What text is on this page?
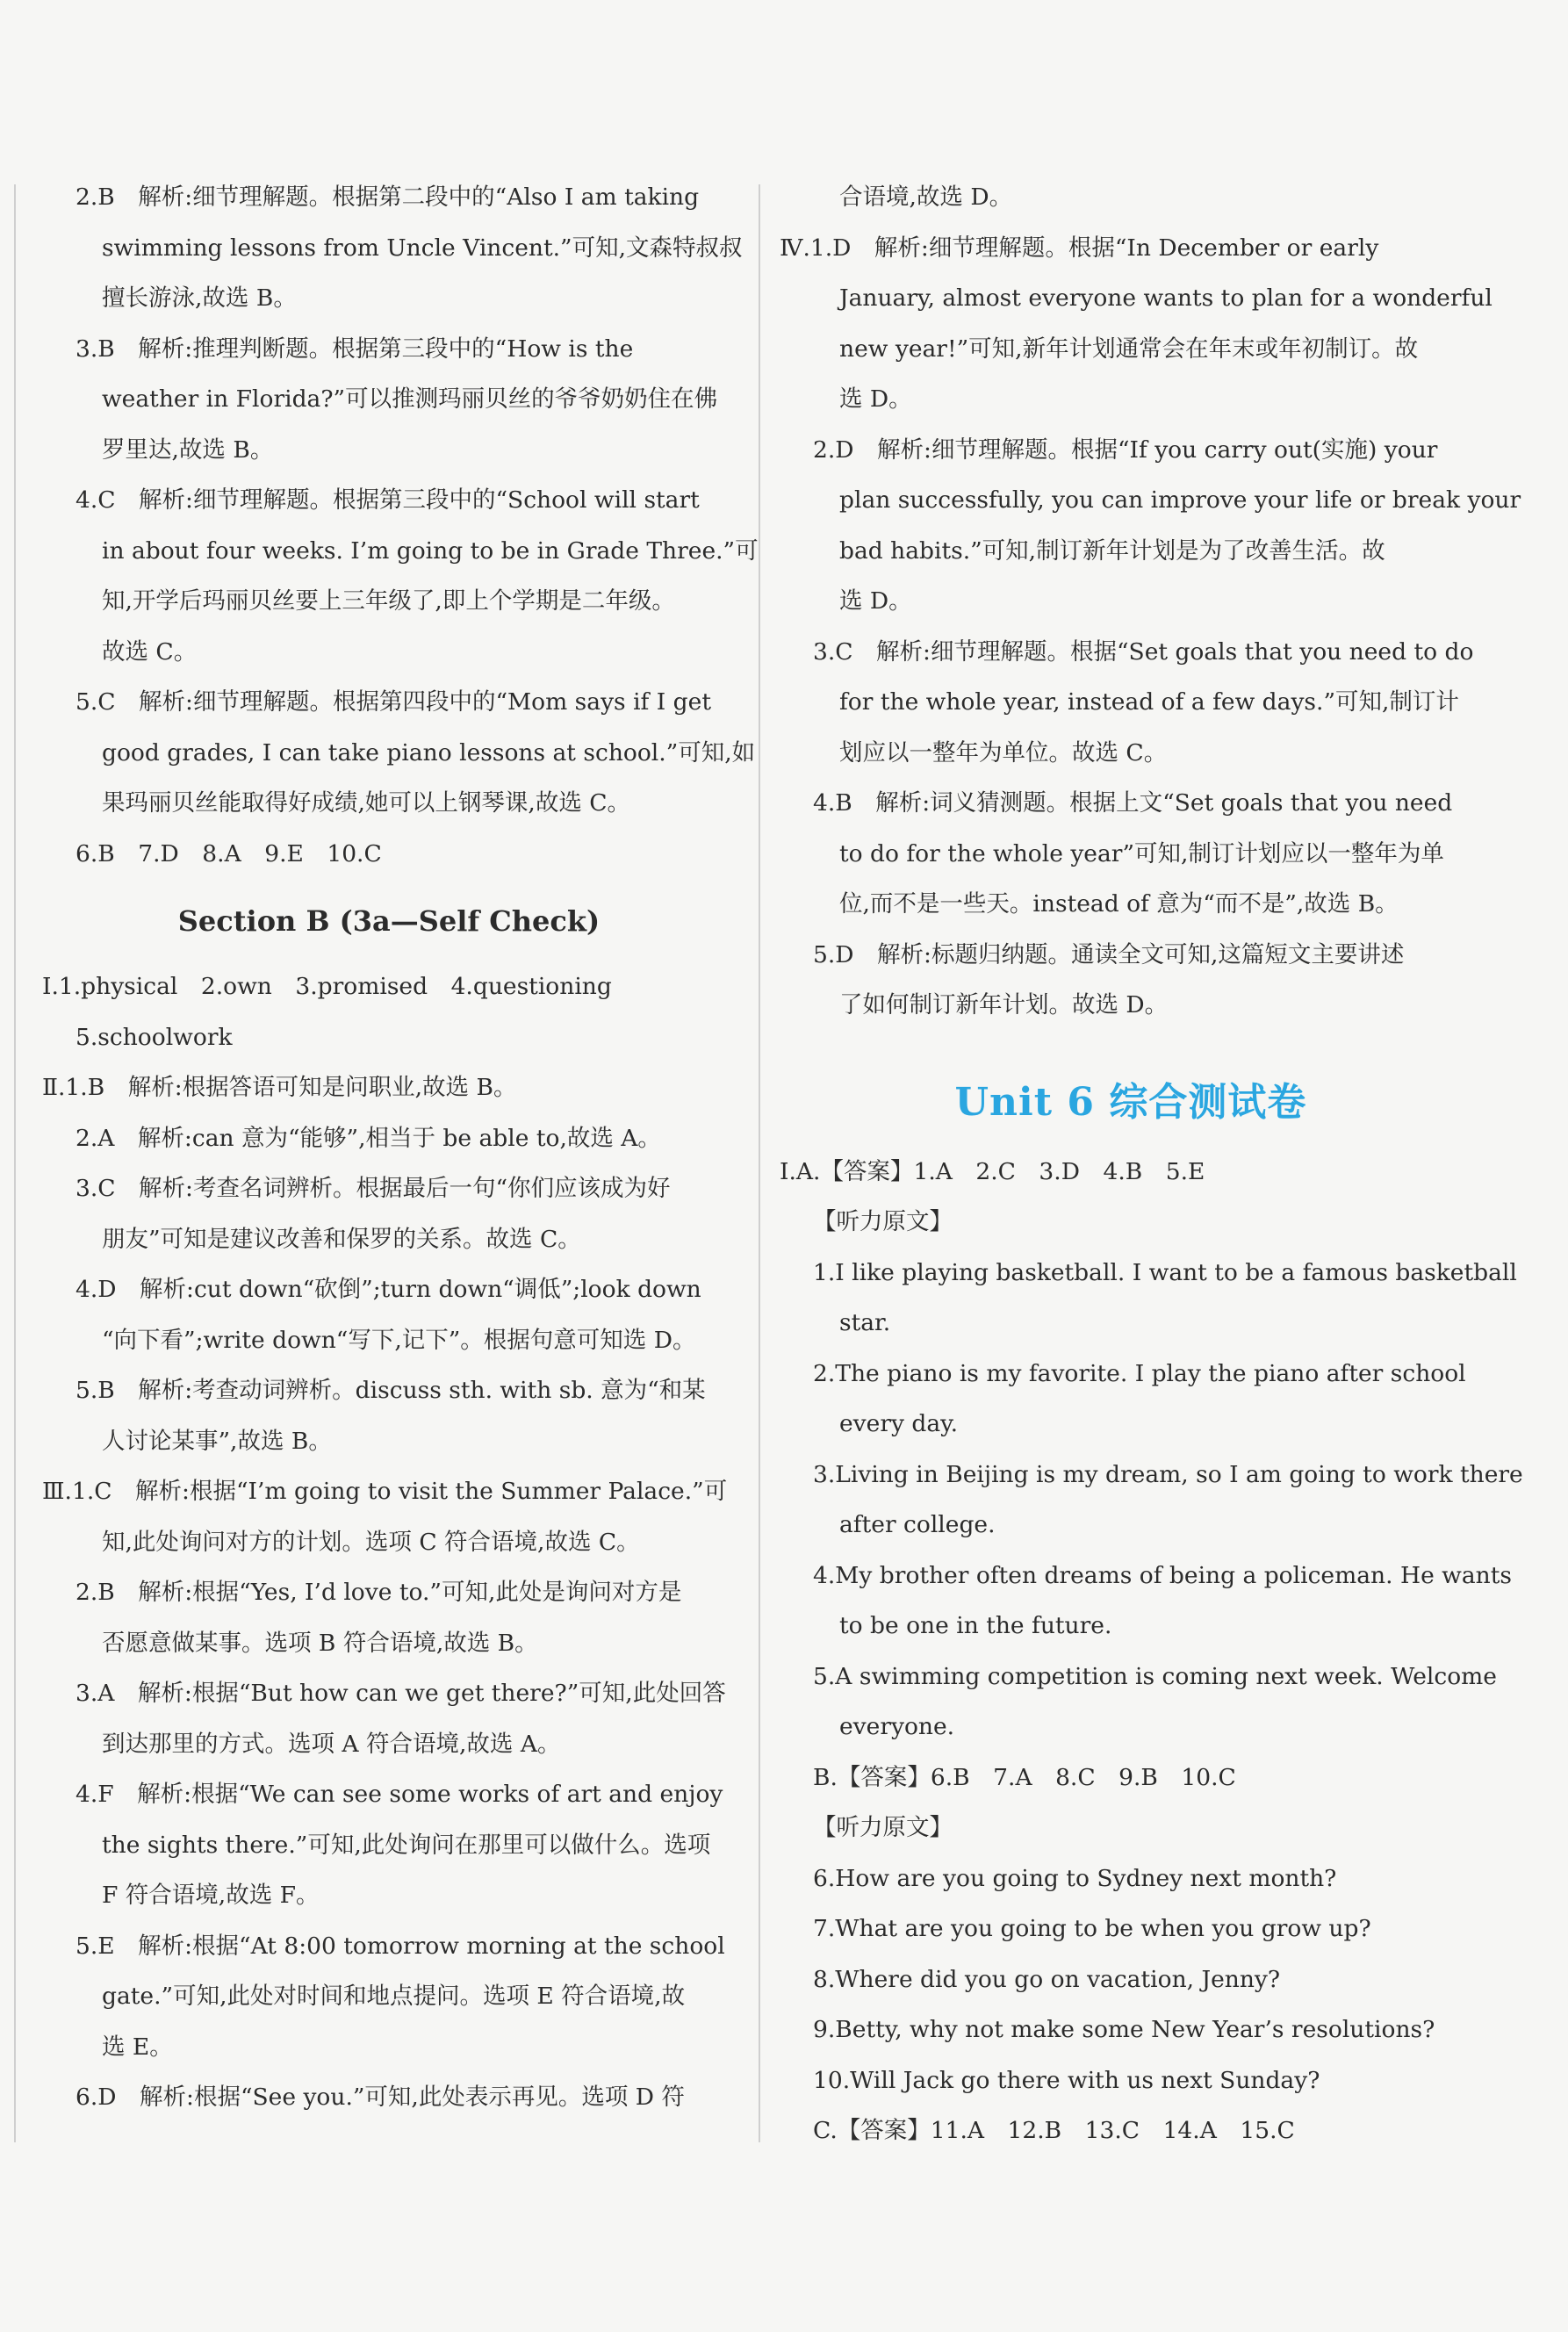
2.B　解析:细节理解题。根据第二段中的“Also I am taking
swimming lessons from Uncle Vincent.”可知,文森特叔叔
擅长游泳,故选 B。
3.B　解析:推理判断题。根据第三段中的“How is the
weather in Florida?”可以推测玛丽贝丝的爷爷奶奶住在佛
罗里达,故选 B。
4.C　解析:细节理解题。根据第三段中的“School will start
in about four weeks. I’m going to be in Grade Three.”可
知,开学后玛丽贝丝要上三年级了,即上个学期是二年级。
故选 C。
5.C　解析:细节理解题。根据第四段中的“Mom says if I get
good grades, I can take piano lessons at school.”可知,如
果玛丽贝丝能取得好成绩,她可以上钢琴课,故选 C。
6.B　7.D　8.A　9.E　10.C
Section B (3a—Self Check)
Ⅰ.1.physical　2.own　3.promised　4.questioning
5.schoolwork
Ⅱ.1.B　解析:根据答语可知是问职业,故选 B。
2.A　解析:can 意为“能够”,相当于 be able to,故选 A。
3.C　解析:考查名词辨析。根据最后一句“你们应该成为好
朋友”可知是建议改善和保罗的关系。故选 C。
4.D　解析:cut down“砍倒”;turn down“调低”;look down
“向下看”;write down“写下,记下”。根据句意可知选 D。
5.B　解析:考查动词辨析。discuss sth. with sb. 意为“和某
人讨论某事”,故选 B。
Ⅲ.1.C　解析:根据“I’m going to visit the Summer Palace.”可
知,此处询问对方的计划。选项 C 符合语境,故选 C。
2.B　解析:根据“Yes, I’d love to.”可知,此处是询问对方是
否愿意做某事。选项 B 符合语境,故选 B。
3.A　解析:根据“But how can we get there?”可知,此处回答
到达那里的方式。选项 A 符合语境,故选 A。
4.F　解析:根据“We can see some works of art and enjoy
the sights there.”可知,此处询问在那里可以做什么。选项
F 符合语境,故选 F。
5.E　解析:根据“At 8:00 tomorrow morning at the school
gate.”可知,此处对时间和地点提问。选项 E 符合语境,故
选 E。
6.D　解析:根据“See you.”可知,此处表示再见。选项 D 符
合语境,故选 D。
Ⅳ.1.D　解析:细节理解题。根据“In December or early
January, almost everyone wants to plan for a wonderful
new year!”可知,新年计划通常会在年末或年初制订。故
选 D。
2.D　解析:细节理解题。根据“If you carry out(实施) your
plan successfully, you can improve your life or break your
bad habits.”可知,制订新年计划是为了改善生活。故
选 D。
3.C　解析:细节理解题。根据“Set goals that you need to do
for the whole year, instead of a few days.”可知,制订计
划应以一整年为单位。故选 C。
4.B　解析:词义猜测题。根据上文“Set goals that you need
to do for the whole year”可知,制订计划应以一整年为单
位,而不是一些天。instead of 意为“而不是”,故选 B。
5.D　解析:标题归纳题。通读全文可知,这篇短文主要讲述
了如何制订新年计划。故选 D。
Unit 6 综合测试卷
Ⅰ.A.【答案】1.A　2.C　3.D　4.B　5.E
【听力原文】
1.I like playing basketball. I want to be a famous basketball
star.
2.The piano is my favorite. I play the piano after school
every day.
3.Living in Beijing is my dream, so I am going to work there
after college.
4.My brother often dreams of being a policeman. He wants
to be one in the future.
5.A swimming competition is coming next week. Welcome
everyone.
B.【答案】6.B　7.A　8.C　9.B　10.C
【听力原文】
6.How are you going to Sydney next month?
7.What are you going to be when you grow up?
8.Where did you go on vacation, Jenny?
9.Betty, why not make some New Year’s resolutions?
10.Will Jack go there with us next Sunday?
C.【答案】11.A　12.B　13.C　14.A　15.C
